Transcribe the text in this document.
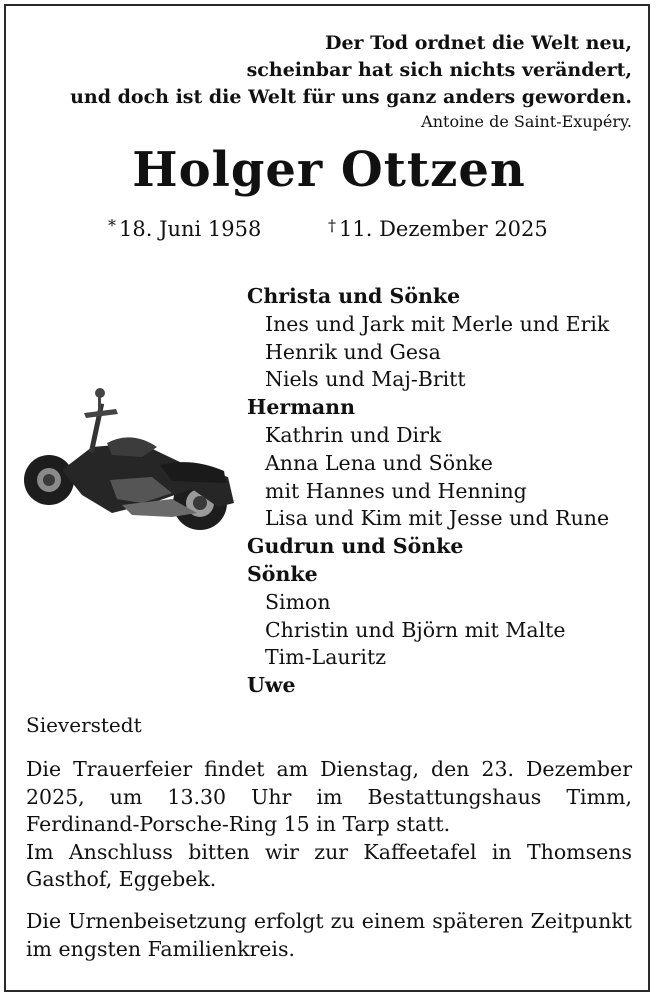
Der Tod ordnet die Welt neu,
scheinbar hat sich nichts verändert,
und doch ist die Welt für uns ganz anders geworden.
Antoine de Saint-Exupéry.
Holger Ottzen
* 18. Juni 1958	† 11. Dezember 2025
Christa und Sönke
Ines und Jark mit Merle und Erik
Henrik und Gesa
Niels und Maj-Britt
Hermann
Kathrin und Dirk
Anna Lena und Sönke
mit Hannes und Henning
Lisa und Kim mit Jesse und Rune
Gudrun und Sönke
Sönke
Simon
Christin und Björn mit Malte
Tim-Lauritz
Uwe
Sieverstedt
Die Trauerfeier findet am Dienstag, den 23. Dezember 2025, um 13.30 Uhr im Bestattungshaus Timm, Ferdinand-Porsche-Ring 15 in Tarp statt.
Im Anschluss bitten wir zur Kaffeetafel in Thomsens Gasthof, Eggebek.
Die Urnenbeisetzung erfolgt zu einem späteren Zeitpunkt im engsten Familienkreis.
